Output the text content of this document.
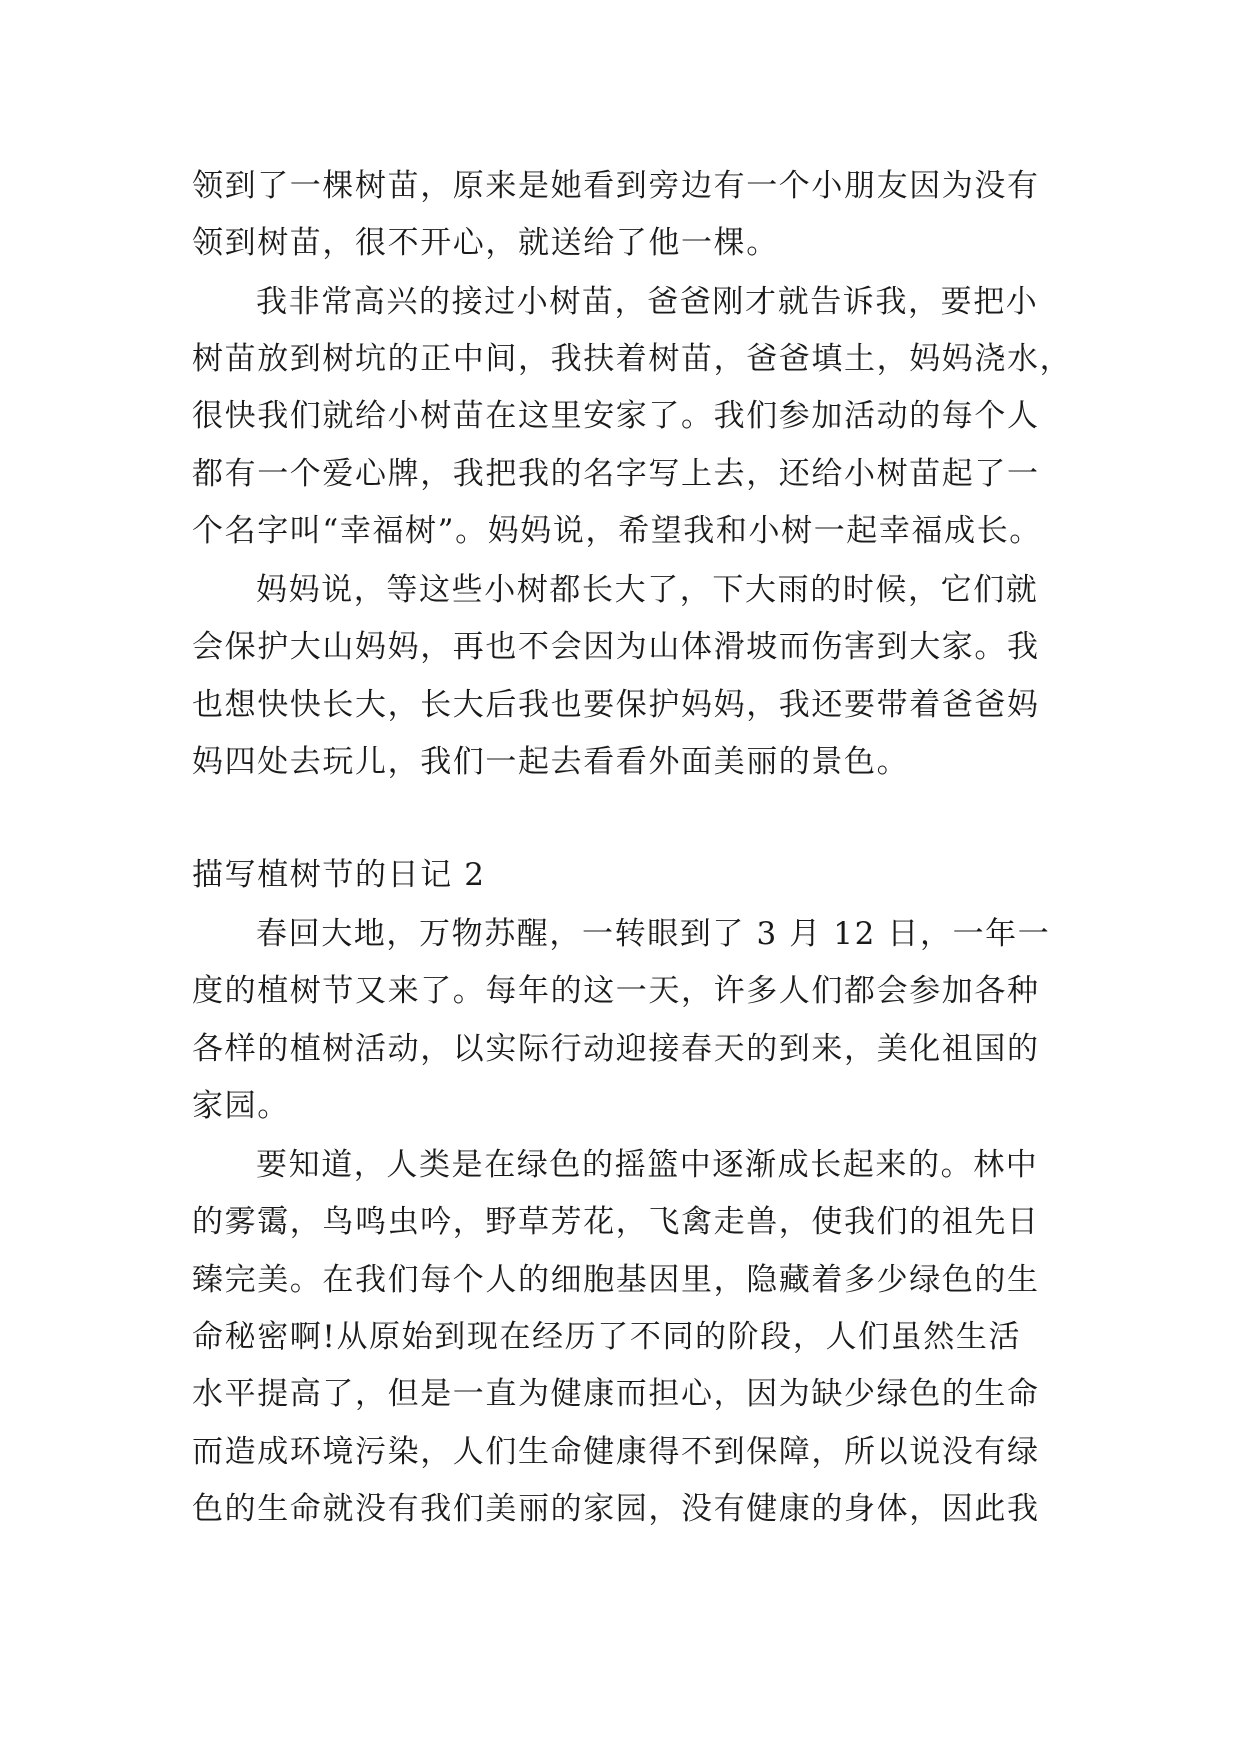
领到了一棵树苗，原来是她看到旁边有一个小朋友因为没有
领到树苗，很不开心，就送给了他一棵。
我非常高兴的接过小树苗，爸爸刚才就告诉我，要把小
树苗放到树坑的正中间，我扶着树苗，爸爸填土，妈妈浇水，
很快我们就给小树苗在这里安家了。我们参加活动的每个人
都有一个爱心牌，我把我的名字写上去，还给小树苗起了一
个名字叫“幸福树”。妈妈说，希望我和小树一起幸福成长。
妈妈说，等这些小树都长大了，下大雨的时候，它们就
会保护大山妈妈，再也不会因为山体滑坡而伤害到大家。我
也想快快长大，长大后我也要保护妈妈，我还要带着爸爸妈
妈四处去玩儿，我们一起去看看外面美丽的景色。
描写植树节的日记 2
春回大地，万物苏醒，一转眼到了 3 月 12 日，一年一
度的植树节又来了。每年的这一天，许多人们都会参加各种
各样的植树活动，以实际行动迎接春天的到来，美化祖国的
家园。
要知道，人类是在绿色的摇篮中逐渐成长起来的。林中
的雾霭，鸟鸣虫吟，野草芳花，飞禽走兽，使我们的祖先日
臻完美。在我们每个人的细胞基因里，隐藏着多少绿色的生
命秘密啊!从原始到现在经历了不同的阶段，人们虽然生活
水平提高了，但是一直为健康而担心，因为缺少绿色的生命
而造成环境污染，人们生命健康得不到保障，所以说没有绿
色的生命就没有我们美丽的家园，没有健康的身体，因此我
